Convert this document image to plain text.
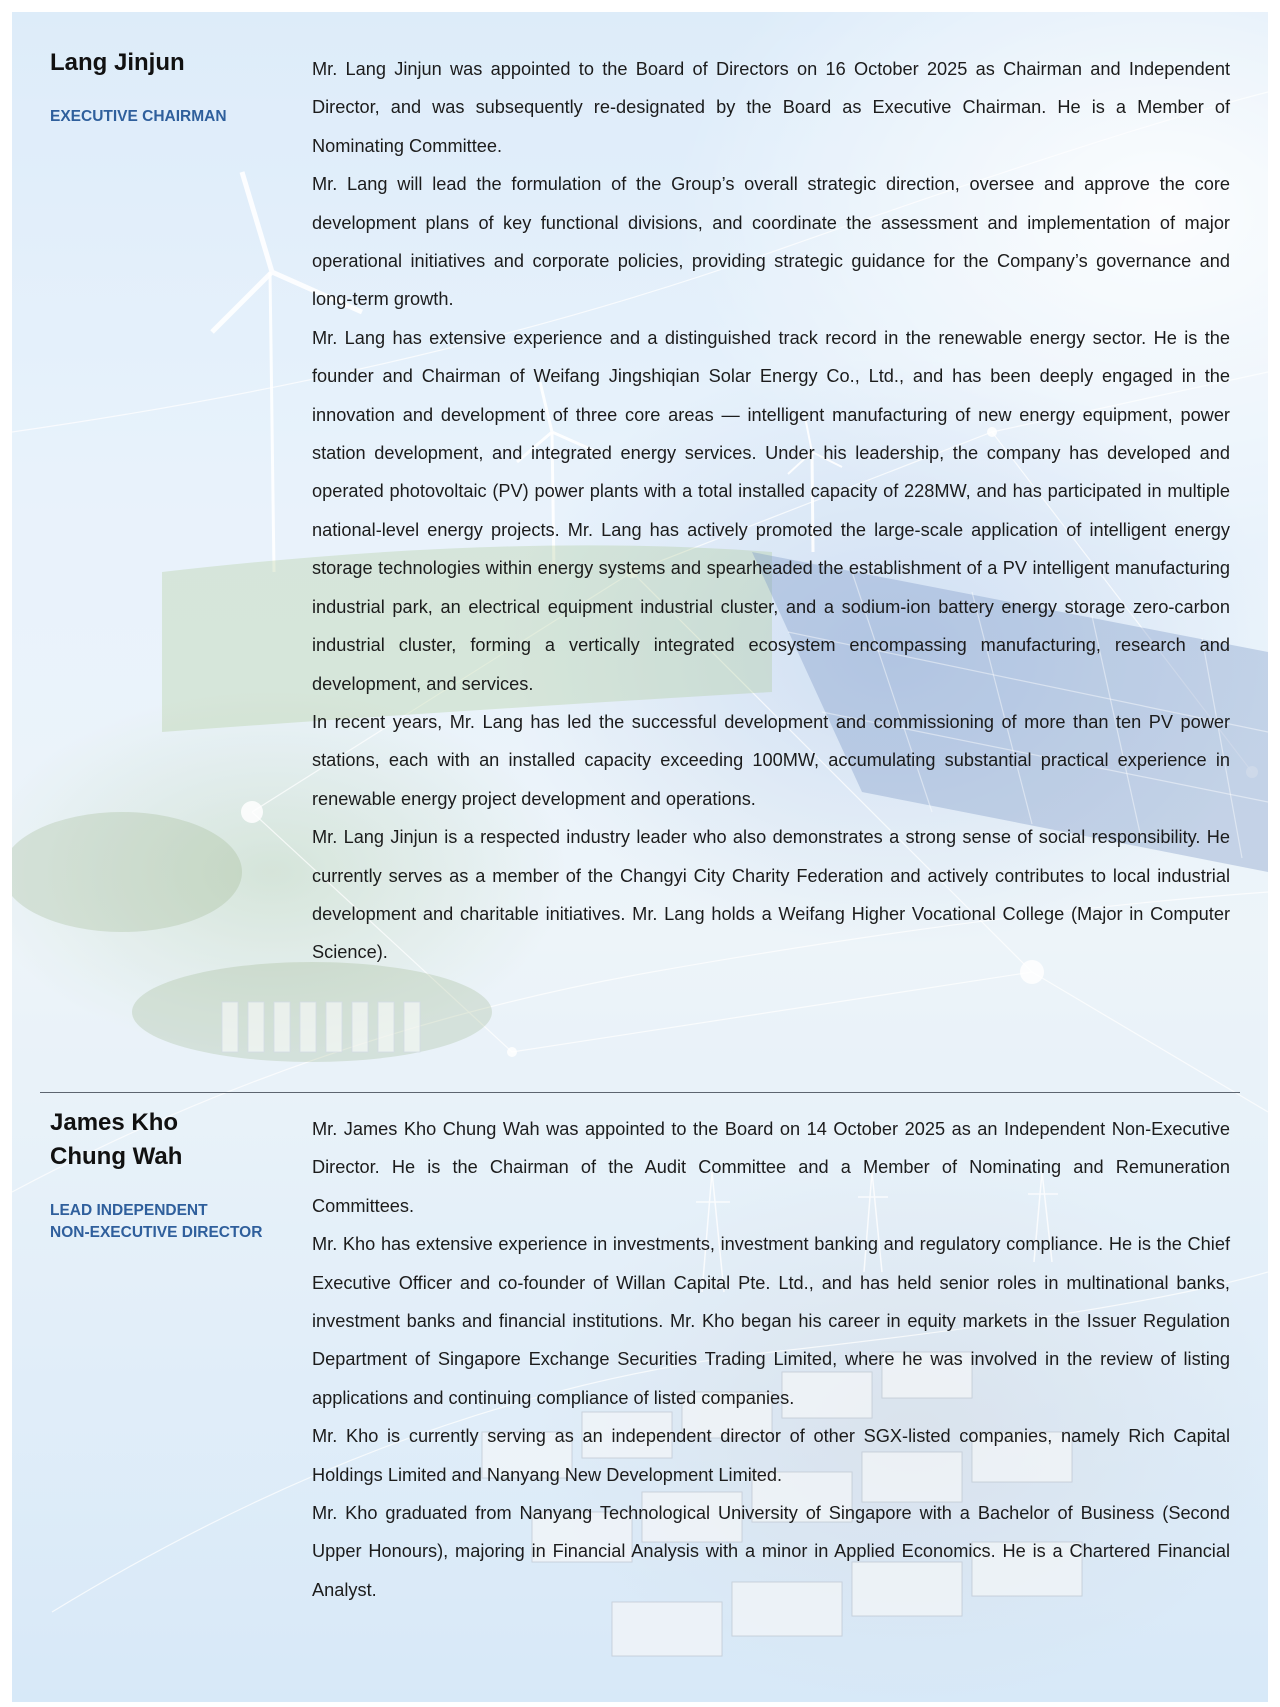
Lang Jinjun
EXECUTIVE CHAIRMAN

Mr. Lang Jinjun was appointed to the Board of Directors on 16 October 2025 as Chairman and Independent Director, and was subsequently re-designated by the Board as Executive Chairman. He is a Member of Nominating Committee.

Mr. Lang will lead the formulation of the Group’s overall strategic direction, oversee and approve the core development plans of key functional divisions, and coordinate the assessment and implementation of major operational initiatives and corporate policies, providing strategic guidance for the Company’s governance and long-term growth.

Mr. Lang has extensive experience and a distinguished track record in the renewable energy sector. He is the founder and Chairman of Weifang Jingshiqian Solar Energy Co., Ltd., and has been deeply engaged in the innovation and development of three core areas — intelligent manufacturing of new energy equipment, power station development, and integrated energy services. Under his leadership, the company has developed and operated photovoltaic (PV) power plants with a total installed capacity of 228MW, and has participated in multiple national-level energy projects. Mr. Lang has actively promoted the large-scale application of intelligent energy storage technologies within energy systems and spearheaded the establishment of a PV intelligent manufacturing industrial park, an electrical equipment industrial cluster, and a sodium-ion battery energy storage zero-carbon industrial cluster, forming a vertically integrated ecosystem encompassing manufacturing, research and development, and services.

In recent years, Mr. Lang has led the successful development and commissioning of more than ten PV power stations, each with an installed capacity exceeding 100MW, accumulating substantial practical experience in renewable energy project development and operations.

Mr. Lang Jinjun is a respected industry leader who also demonstrates a strong sense of social responsibility. He currently serves as a member of the Changyi City Charity Federation and actively contributes to local industrial development and charitable initiatives. Mr. Lang holds a Weifang Higher Vocational College (Major in Computer Science).

James Kho
Chung Wah
LEAD INDEPENDENT
NON-EXECUTIVE DIRECTOR

Mr. James Kho Chung Wah was appointed to the Board on 14 October 2025 as an Independent Non-Executive Director. He is the Chairman of the Audit Committee and a Member of Nominating and Remuneration Committees.

Mr. Kho has extensive experience in investments, investment banking and regulatory compliance. He is the Chief Executive Officer and co-founder of Willan Capital Pte. Ltd., and has held senior roles in multinational banks, investment banks and financial institutions. Mr. Kho began his career in equity markets in the Issuer Regulation Department of Singapore Exchange Securities Trading Limited, where he was involved in the review of listing applications and continuing compliance of listed companies.

Mr. Kho is currently serving as an independent director of other SGX-listed companies, namely Rich Capital Holdings Limited and Nanyang New Development Limited.

Mr. Kho graduated from Nanyang Technological University of Singapore with a Bachelor of Business (Second Upper Honours), majoring in Financial Analysis with a minor in Applied Economics. He is a Chartered Financial Analyst.
